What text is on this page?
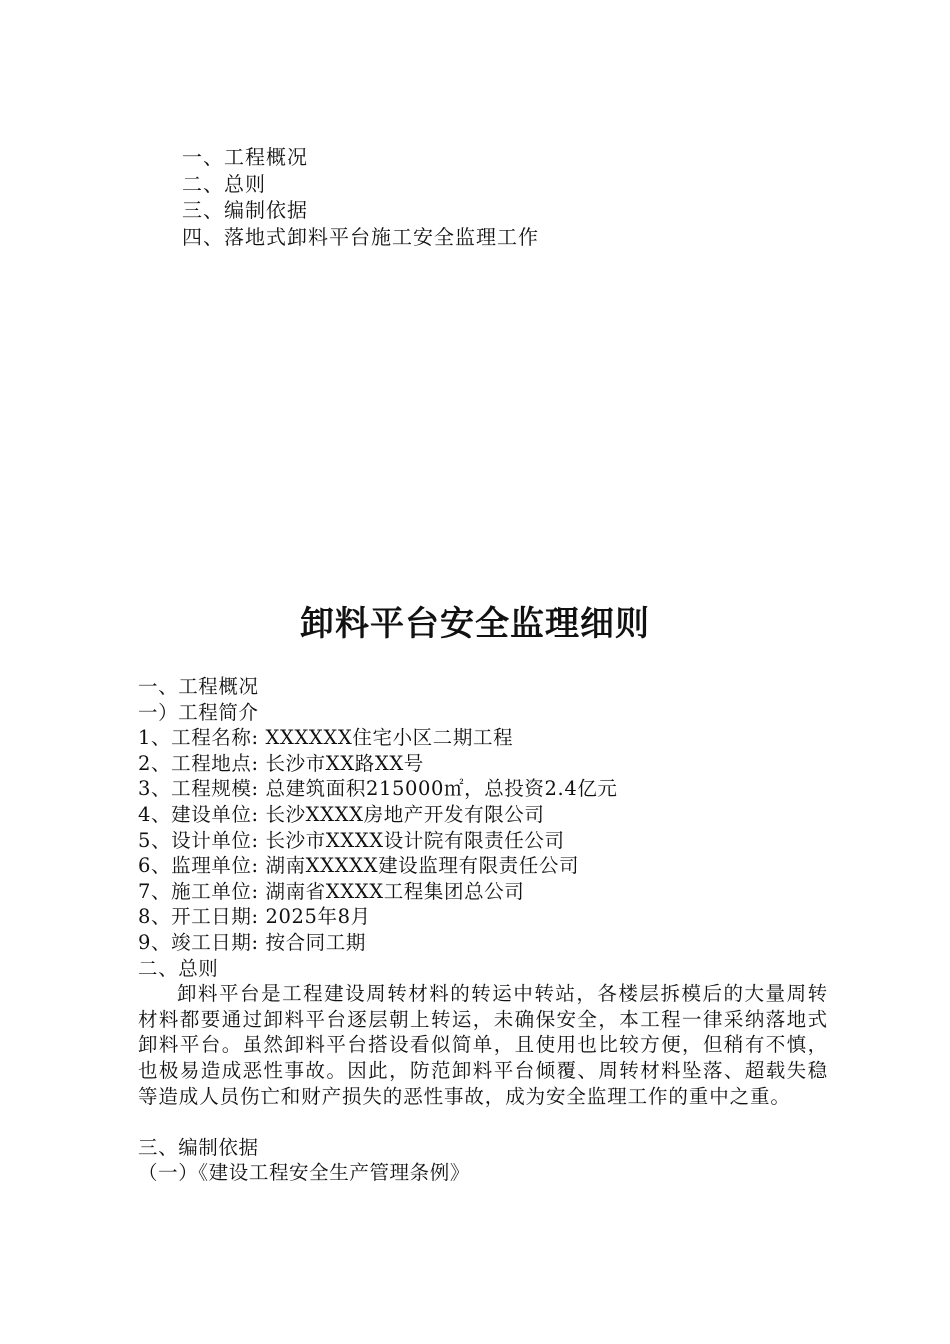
一、工程概况
二、总则
三、编制依据
四、落地式卸料平台施工安全监理工作
卸料平台安全监理细则
一、工程概况
一）工程简介
1、工程名称: XXXXXX住宅小区二期工程
2、工程地点: 长沙市XX路XX号
3、工程规模: 总建筑面积215000㎡，总投资2.4亿元
4、建设单位: 长沙XXXX房地产开发有限公司
5、设计单位: 长沙市XXXX设计院有限责任公司
6、监理单位: 湖南XXXXX建设监理有限责任公司
7、施工单位: 湖南省XXXX工程集团总公司
8、开工日期: 2025年8月
9、竣工日期: 按合同工期
二、总则
卸料平台是工程建设周转材料的转运中转站，各楼层拆模后的大量周转材料都要通过卸料平台逐层朝上转运，未确保安全，本工程一律采纳落地式卸料平台。虽然卸料平台搭设看似简单，且使用也比较方便，但稍有不慎，也极易造成恶性事故。因此，防范卸料平台倾覆、周转材料坠落、超载失稳等造成人员伤亡和财产损失的恶性事故，成为安全监理工作的重中之重。
三、编制依据
（一）《建设工程安全生产管理条例》
